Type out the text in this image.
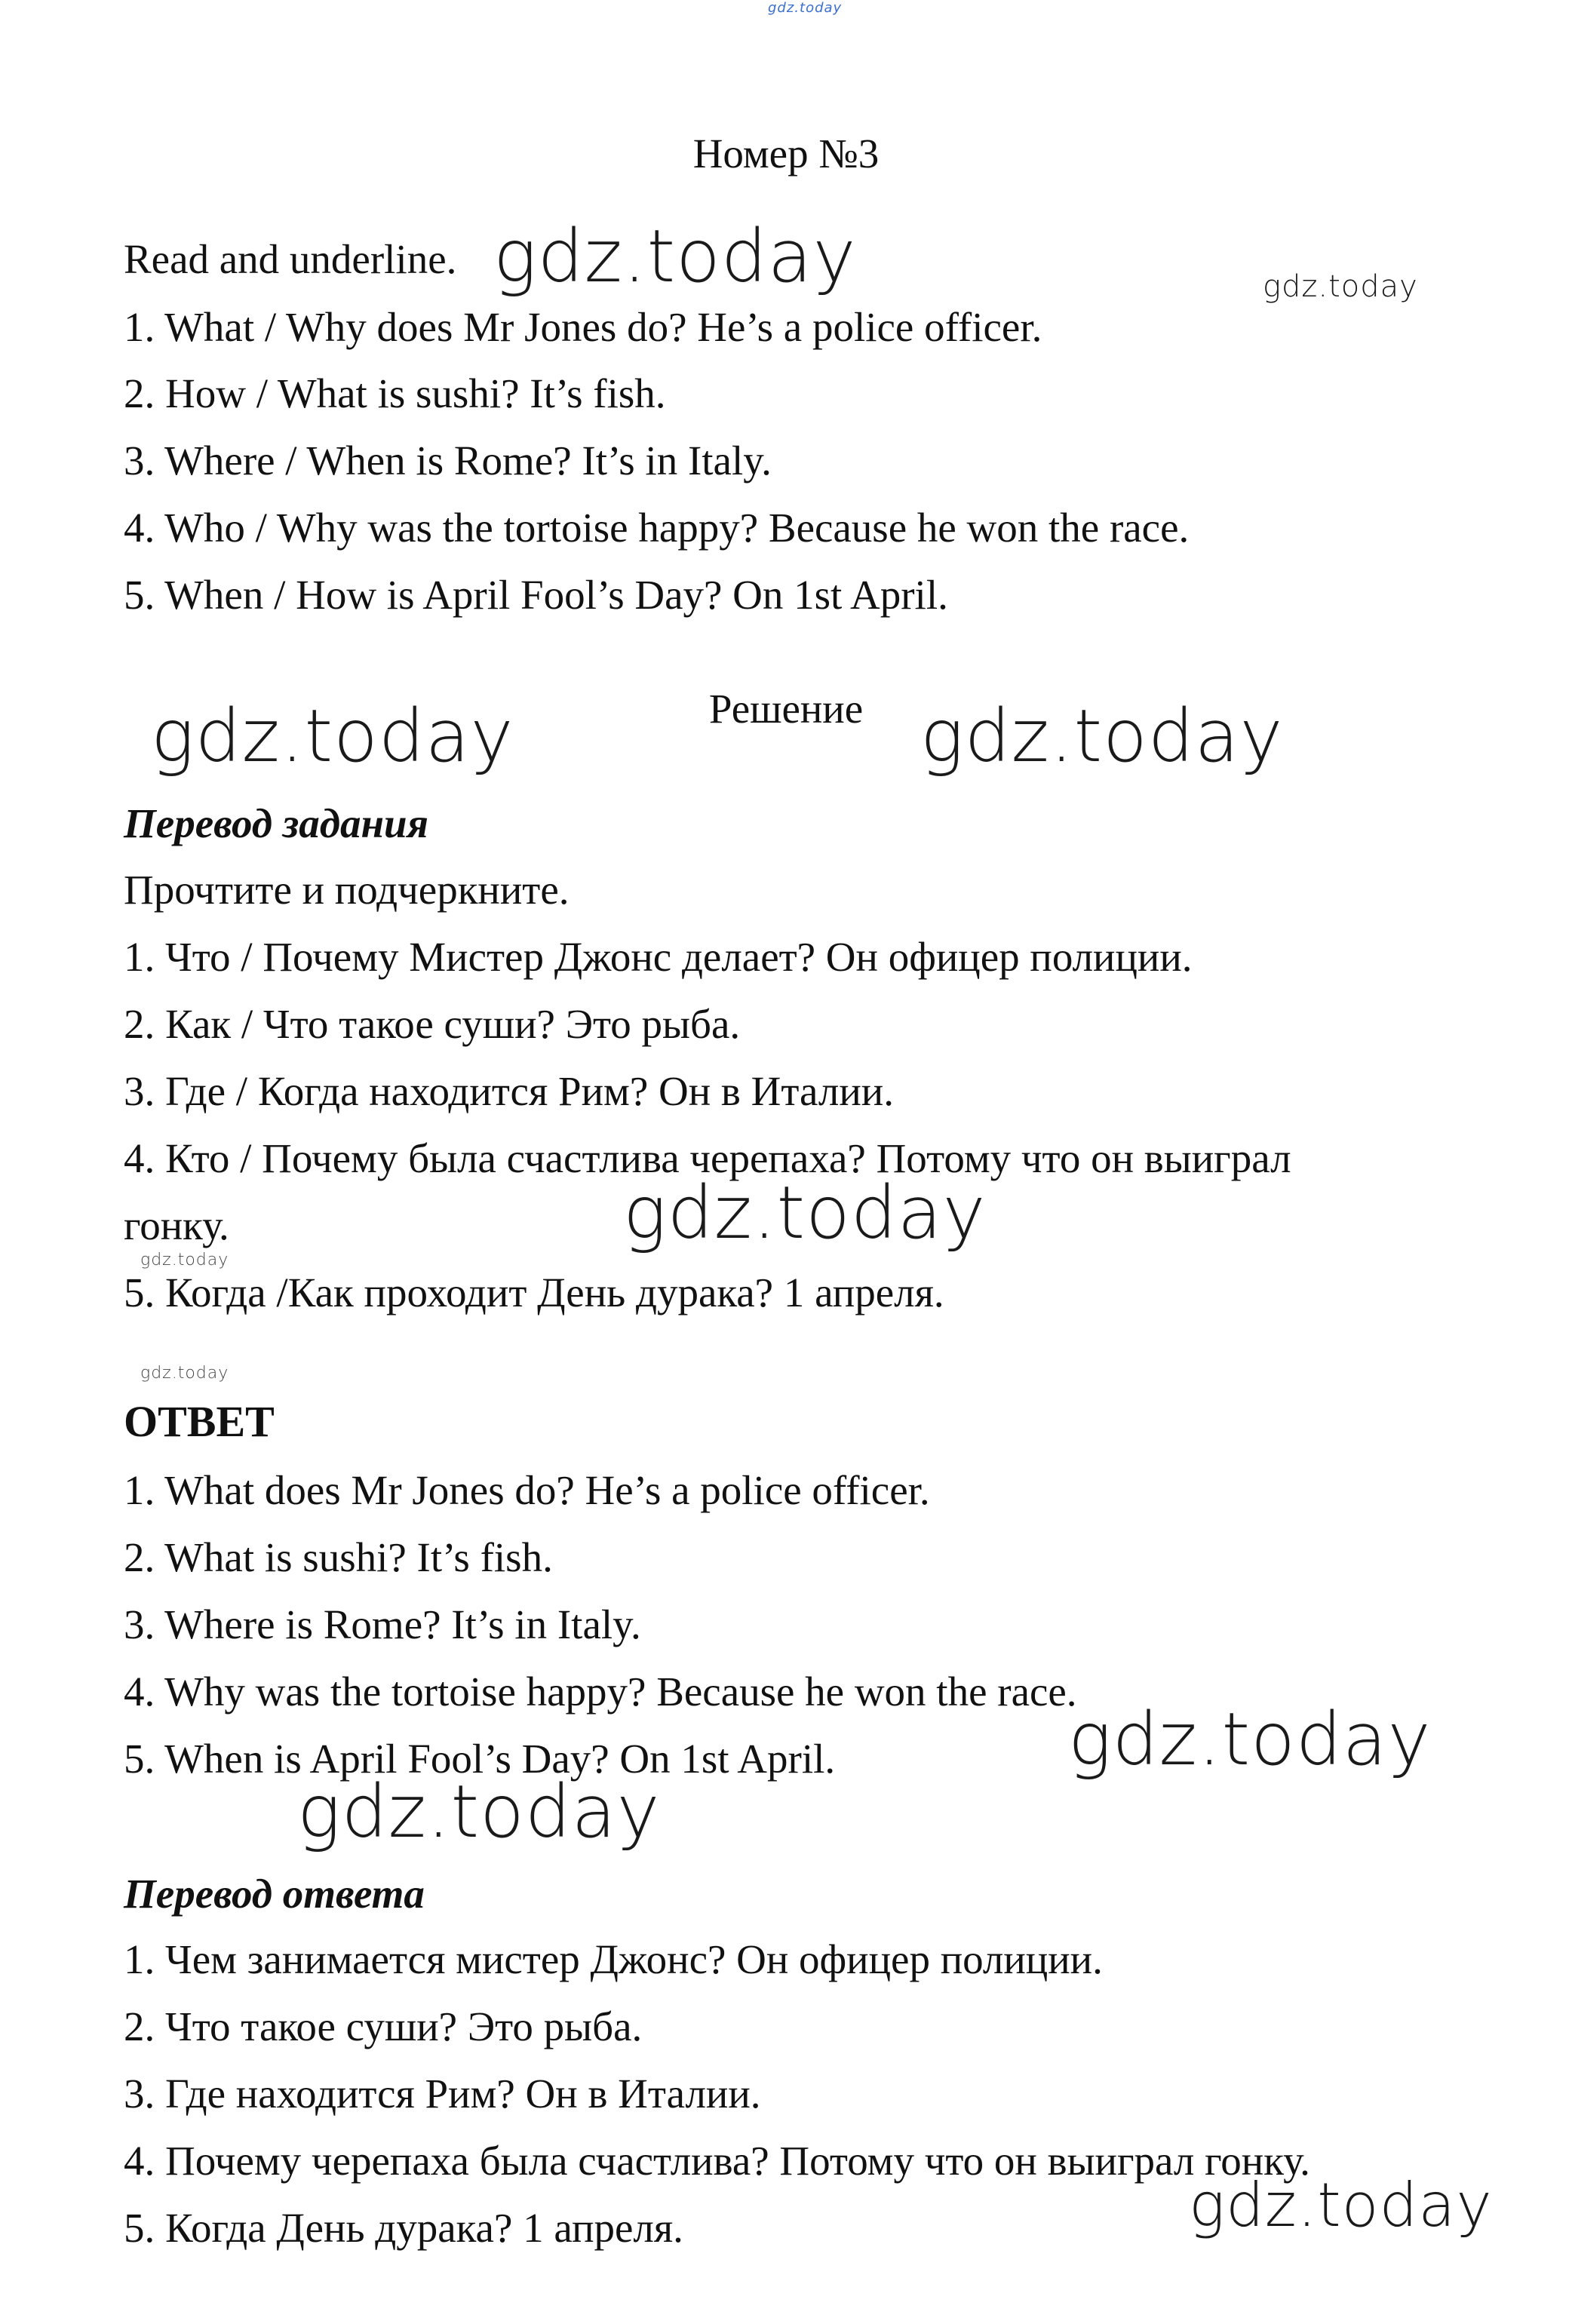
gdz.today
Номер №3
Read and underline.
1. What / Why does Mr Jones do? He’s a police officer.
2. How / What is sushi? It’s fish.
3. Where / When is Rome? It’s in Italy.
4. Who / Why was the tortoise happy? Because he won the race.
5. When / How is April Fool’s Day? On 1st April.
Решение
Перевод задания
Прочтите и подчеркните.
1. Что / Почему Мистер Джонс делает? Он офицер полиции.
2. Как / Что такое суши? Это рыба.
3. Где / Когда находится Рим? Он в Италии.
4. Кто / Почему была счастлива черепаха? Потому что он выиграл
гонку.
5. Когда /Как проходит День дурака? 1 апреля.
ОТВЕТ
1. What does Mr Jones do? He’s a police officer.
2. What is sushi? It’s fish.
3. Where is Rome? It’s in Italy.
4. Why was the tortoise happy? Because he won the race.
5. When is April Fool’s Day? On 1st April.
Перевод ответа
1. Чем занимается мистер Джонс? Он офицер полиции.
2. Что такое суши? Это рыба.
3. Где находится Рим? Он в Италии.
4. Почему черепаха была счастлива? Потому что он выиграл гонку.
5. Когда День дурака? 1 апреля.
gdz.today	gdz.today
gdz.today	gdz.today
gdz.today
gdz.today
gdz.today
gdz.today
gdz.today
gdz.today
